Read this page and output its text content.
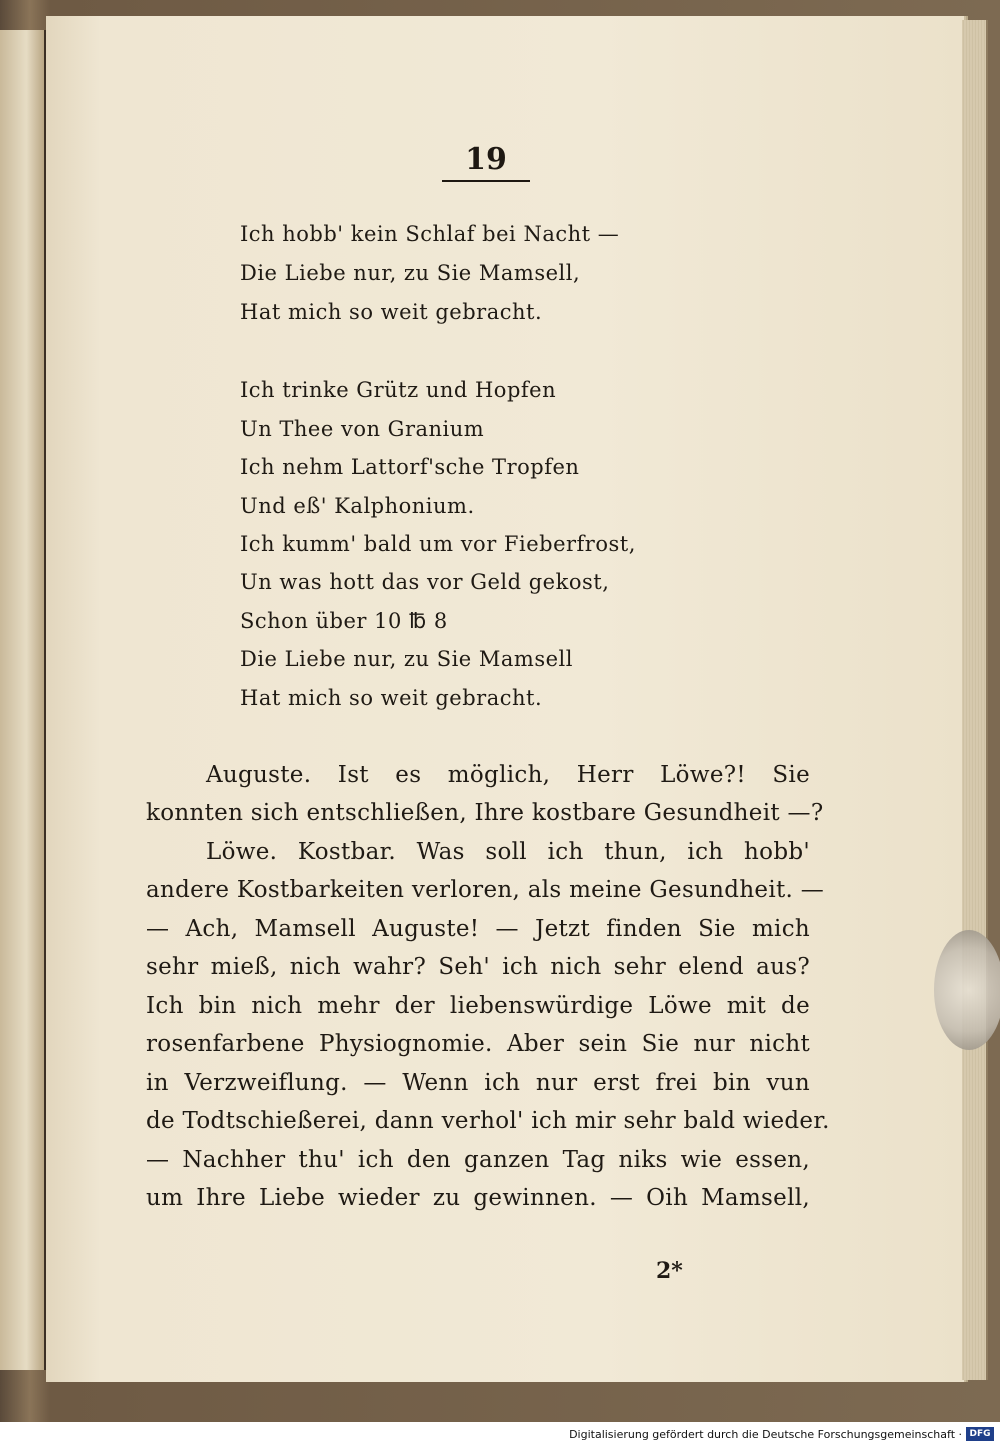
19
Ich hobb' kein Schlaf bei Nacht —
Die Liebe nur, zu Sie Mamsell,
Hat mich so weit gebracht.
Ich trinke Grütz und Hopfen
Un Thee von Granium
Ich nehm Lattorf'sche Tropfen
Und eß' Kalphonium.
Ich kumm' bald um vor Fieberfrost,
Un was hott das vor Geld gekost,
Schon über 10 ℔ 8
Die Liebe nur, zu Sie Mamsell
Hat mich so weit gebracht.
Auguste. Ist es möglich, Herr Löwe?! Sie
konnten sich entschließen, Ihre kostbare Gesundheit —?
Löwe. Kostbar. Was soll ich thun, ich hobb'
andere Kostbarkeiten verloren, als meine Gesundheit. —
— Ach, Mamsell Auguste! — Jetzt finden Sie mich
sehr mieß, nich wahr? Seh' ich nich sehr elend aus?
Ich bin nich mehr der liebenswürdige Löwe mit de
rosenfarbene Physiognomie. Aber sein Sie nur nicht
in Verzweiflung. — Wenn ich nur erst frei bin vun
de Todtschießerei, dann verhol' ich mir sehr bald wieder.
— Nachher thu' ich den ganzen Tag niks wie essen,
um Ihre Liebe wieder zu gewinnen. — Oih Mamsell,
2*
Digitalisierung gefördert durch die Deutsche Forschungsgemeinschaft · DFG
